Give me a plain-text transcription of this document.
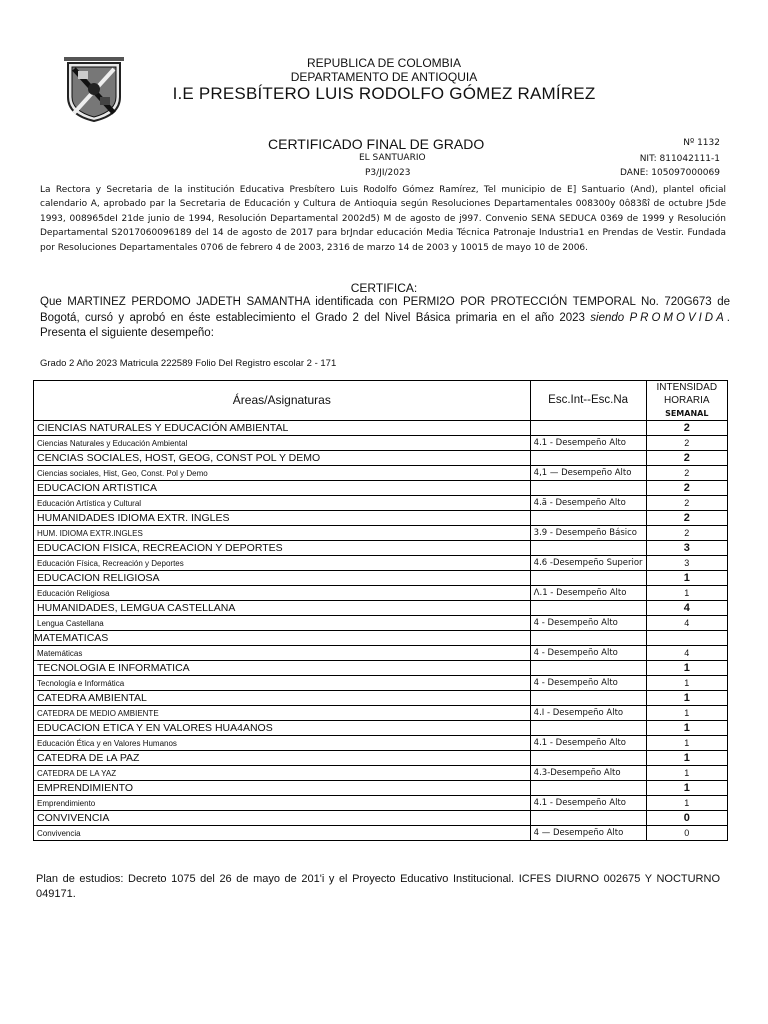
REPUBLICA DE COLOMBIA
DEPARTAMENTO DE ANTIOQUIA
I.E PRESBÍTERO LUIS RODOLFO GÓMEZ RAMÍREZ
CERTIFICADO FINAL DE GRADO
EL SANTUARIO
P3/JI/2023
Nº 1132
NIT: 811042111-1
DANE: 105097000069
La Rectora y Secretaria de la institución Educativa Presbítero Luis Rodolfo Gómez Ramírez, Tel municipio de E] Santuario (And), plantel oficial calendario A, aprobado par la Secretaria de Educación y Cultura de Antioquia según Resoluciones Departamentales 008300y 0ô83ßî de octubre J5de 1993, 008965deI 21de junio de 1994, Resolución Departamental 2002d5) M de agosto de j997. Convenio SENA SEDUCA 0369 de 1999 y Resolución Departamental S2017060096189 del 14 de agosto de 2017 para brJndar educación Media Técnica Patronaje Industria1 en Prendas de Vestir. Fundada por Resoluciones Departamentales 0706 de febrero 4 de 2003, 2316 de marzo 14 de 2003 y 10015 de mayo 10 de 2006.
CERTIFICA:
Que MARTINEZ PERDOMO JADETH SAMANTHA identificada con PERMI2O POR PROTECCIÓN TEMPORAL No. 720G673 de Bogotá, cursó y aprobó en éste establecimiento el Grado 2 del Nivel Básica primaria en el año 2023 siendo PROMOVIDA. Presenta el siguiente desempeño:
Grado 2 Año 2023 Matricula 222589 Folio Del Registro escolar 2 - 171
Áreas/Asignaturas	Esc.Int--Esc.Na	INTENSIDAD
HORARIA
SEMANAL

CIENCIAS NATURALES Y EDUCACIÓN AMBIENTAL		2
Ciencias Naturales y Educación Ambiental	4.1 - Desempeño Alto	2
CENCIAS SOCIALES, HOST, GEOG, CONST POL Y DEMO		2
Ciencias sociales, Hist, Geo, Const. Pol y Demo	4,1 — Desempeño Alto	2
EDUCACION ARTISTICA		2
Educación Artística y Cultural	4.ã - Desempeño Alto	2
HUMANIDADES IDIOMA EXTR. INGLES		2
HUM. IDIOMA EXTR.INGLES	3.9 - Desempeño Básico	2
EDUCACION FISICA, RECREACION Y DEPORTES		3
Educación Física, Recreación y Deportes	4.6 -Desempeño Superior	3
EDUCACION RELIGIOSA		1
Educación Religiosa	Λ.1 - Desempeño Alto	1
HUMANIDADES, LEMGUA CASTELLANA		4
Lengua Castellana	4 - Desempeño Alto	4
MATEMATICAS		
Matemáticas	4 - Desempeño Alto	4
TECNOLOGIA E INFORMATICA		1
Tecnología e Informática	4 - Desempeño Alto	1
CATEDRA AMBIENTAL		1
CATEDRA DE MEDIO AMBIENTE	4.I - Desempeño Alto	1
EDUCACION ETICA Y EN VALORES HUA4ANOS		1
Educación Ética y en Valores Humanos	4.1 - Desempeño Alto	1
CATEDRA DE ʟA PAZ		1
CATEDRA DE LA YAZ	4.3-Desempeño Alto	1
EMPRENDIMIENTO		1
Emprendimiento	4.1 - Desempeño Alto	1
CONVIVENCIA		0
Convivencia	4 — Desempeño Alto	0
Plan de estudios: Decreto 1075 del 26 de mayo de 201'i y el Proyecto Educativo Institucional. ICFES DIURNO 002675 Y NOCTURNO 049171.
